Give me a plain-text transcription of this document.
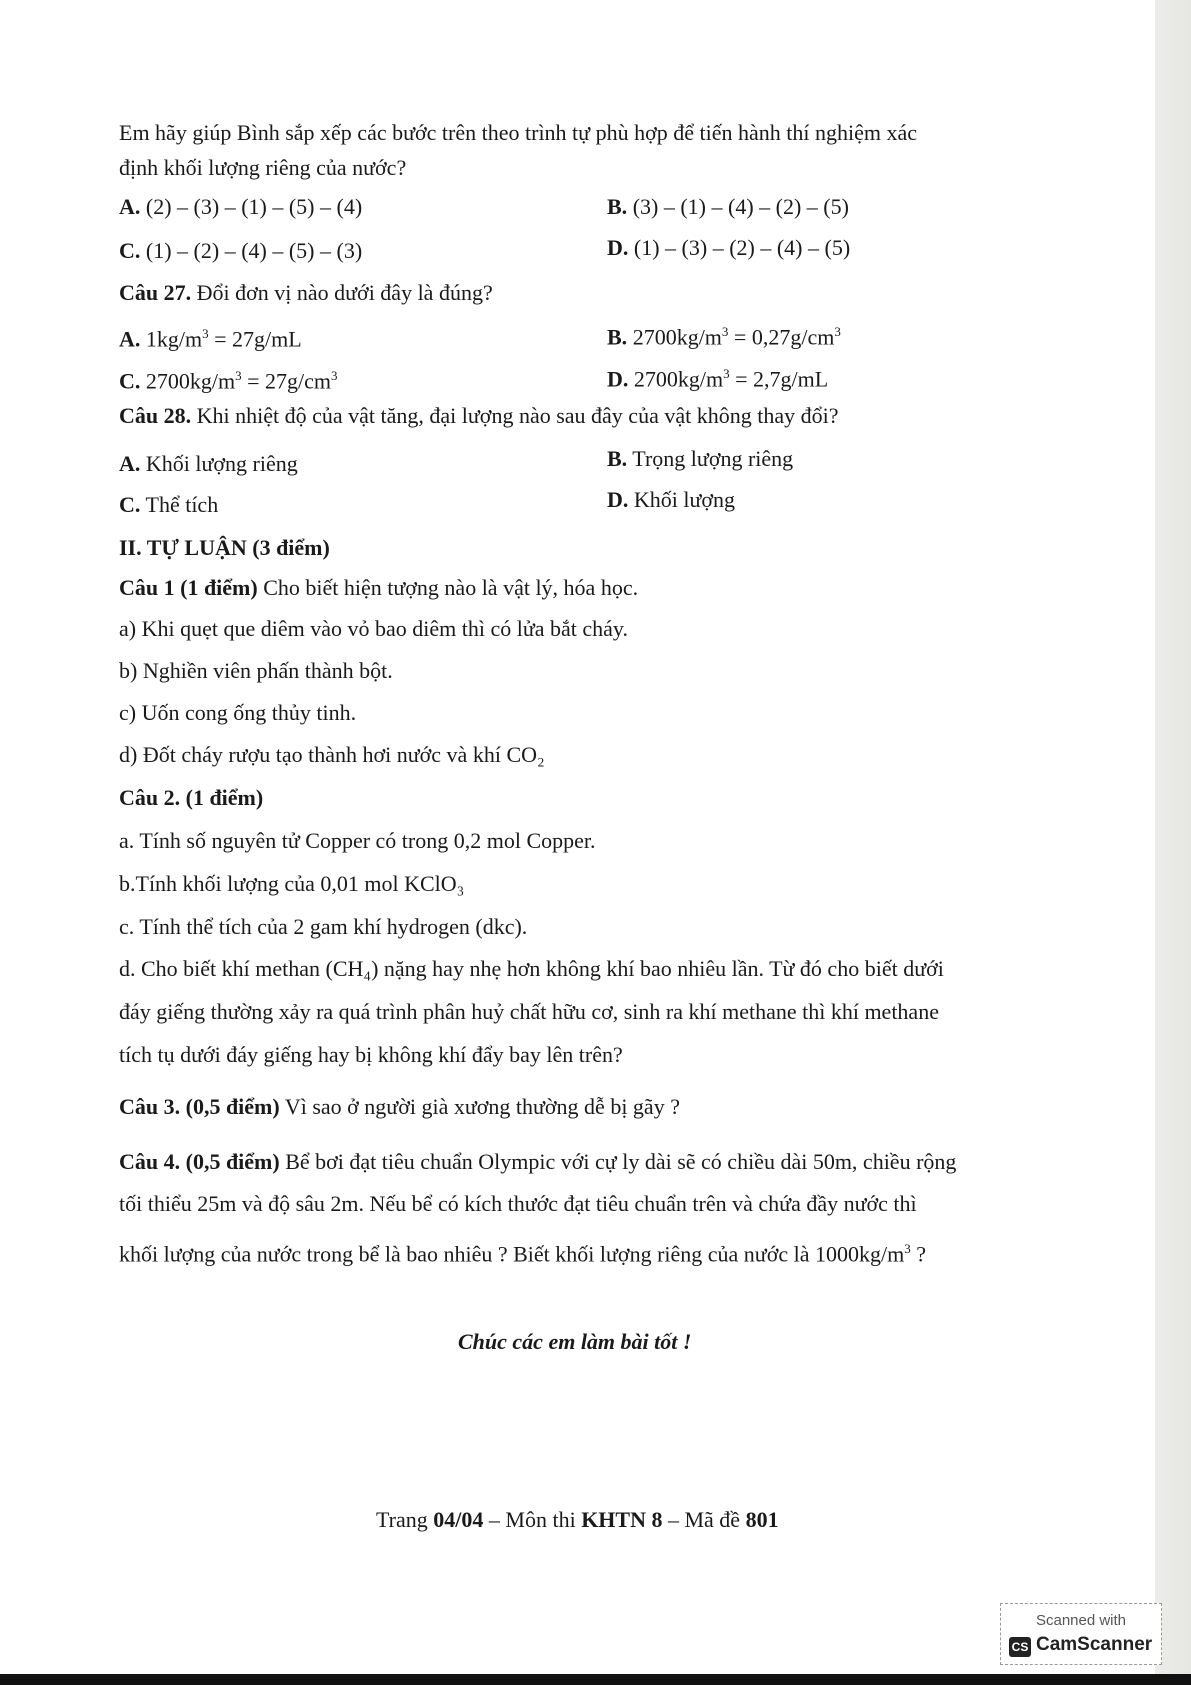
Em hãy giúp Bình sắp xếp các bước trên theo trình tự phù hợp để tiến hành thí nghiệm xác
định khối lượng riêng của nước?
A. (2) – (3) – (1) – (5) – (4)	B. (3) – (1) – (4) – (2) – (5)
C. (1) – (2) – (4) – (5) – (3)	D. (1) – (3) – (2) – (4) – (5)
Câu 27. Đổi đơn vị nào dưới đây là đúng?
A. $1kg/m^3 = 27g/mL$	B. $2700kg/m^3 = 0,27g/cm^3$
C. $2700kg/m^3 = 27g/cm^3$	D. $2700kg/m^3 = 2,7g/mL$
Câu 28. Khi nhiệt độ của vật tăng, đại lượng nào sau đây của vật không thay đổi?
A. Khối lượng riêng	B. Trọng lượng riêng
C. Thể tích	D. Khối lượng
II. TỰ LUẬN (3 điểm)
Câu 1 (1 điểm) Cho biết hiện tượng nào là vật lý, hóa học.
a) Khi quẹt que diêm vào vỏ bao diêm thì có lửa bắt cháy.
b) Nghiền viên phấn thành bột.
c) Uốn cong ống thủy tinh.
d) Đốt cháy rượu tạo thành hơi nước và khí CO₂
Câu 2. (1 điểm)
a. Tính số nguyên tử Copper có trong 0,2 mol Copper.
b.Tính khối lượng của 0,01 mol KClO₃
c. Tính thể tích của 2 gam khí hydrogen (dkc).
d. Cho biết khí methan (CH₄) nặng hay nhẹ hơn không khí bao nhiêu lần. Từ đó cho biết dưới
đáy giếng thường xảy ra quá trình phân huỷ chất hữu cơ, sinh ra khí methane thì khí methane
tích tụ dưới đáy giếng hay bị không khí đẩy bay lên trên?
Câu 3. (0,5 điểm) Vì sao ở người già xương thường dễ bị gãy ?
Câu 4. (0,5 điểm) Bể bơi đạt tiêu chuẩn Olympic với cự ly dài sẽ có chiều dài 50m, chiều rộng
tối thiểu 25m và độ sâu 2m. Nếu bể có kích thước đạt tiêu chuẩn trên và chứa đầy nước thì
khối lượng của nước trong bể là bao nhiêu ? Biết khối lượng riêng của nước là $1000kg/m^3$ ?
Chúc các em làm bài tốt !
Trang 04/04 – Môn thi KHTN 8 – Mã đề 801
Scanned with
CS CamScanner
